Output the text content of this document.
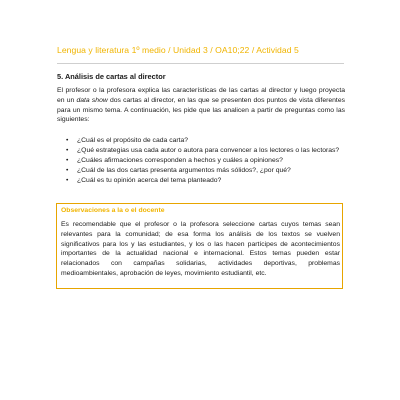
Lengua y literatura 1º medio / Unidad 3 / OA10;22 / Actividad 5
5. Análisis de cartas al director
El profesor o la profesora explica las características de las cartas al director y luego proyecta en un data show dos cartas al director, en las que se presenten dos puntos de vista diferentes para un mismo tema. A continuación, les pide que las analicen a partir de preguntas como las siguientes:
• ¿Cuál es el propósito de cada carta?
• ¿Qué estrategias usa cada autor o autora para convencer a los lectores o las lectoras?
• ¿Cuáles afirmaciones corresponden a hechos y cuáles a opiniones?
• ¿Cuál de las dos cartas presenta argumentos más sólidos?, ¿por qué?
• ¿Cuál es tu opinión acerca del tema planteado?
Observaciones a la o el docente
Es recomendable que el profesor o la profesora seleccione cartas cuyos temas sean relevantes para la comunidad; de esa forma los análisis de los textos se vuelven significativos para los y las estudiantes, y los o las hacen partícipes de acontecimientos importantes de la actualidad nacional e internacional. Estos temas pueden estar relacionados con campañas solidarias, actividades deportivas, problemas medioambientales, aprobación de leyes, movimiento estudiantil, etc.
